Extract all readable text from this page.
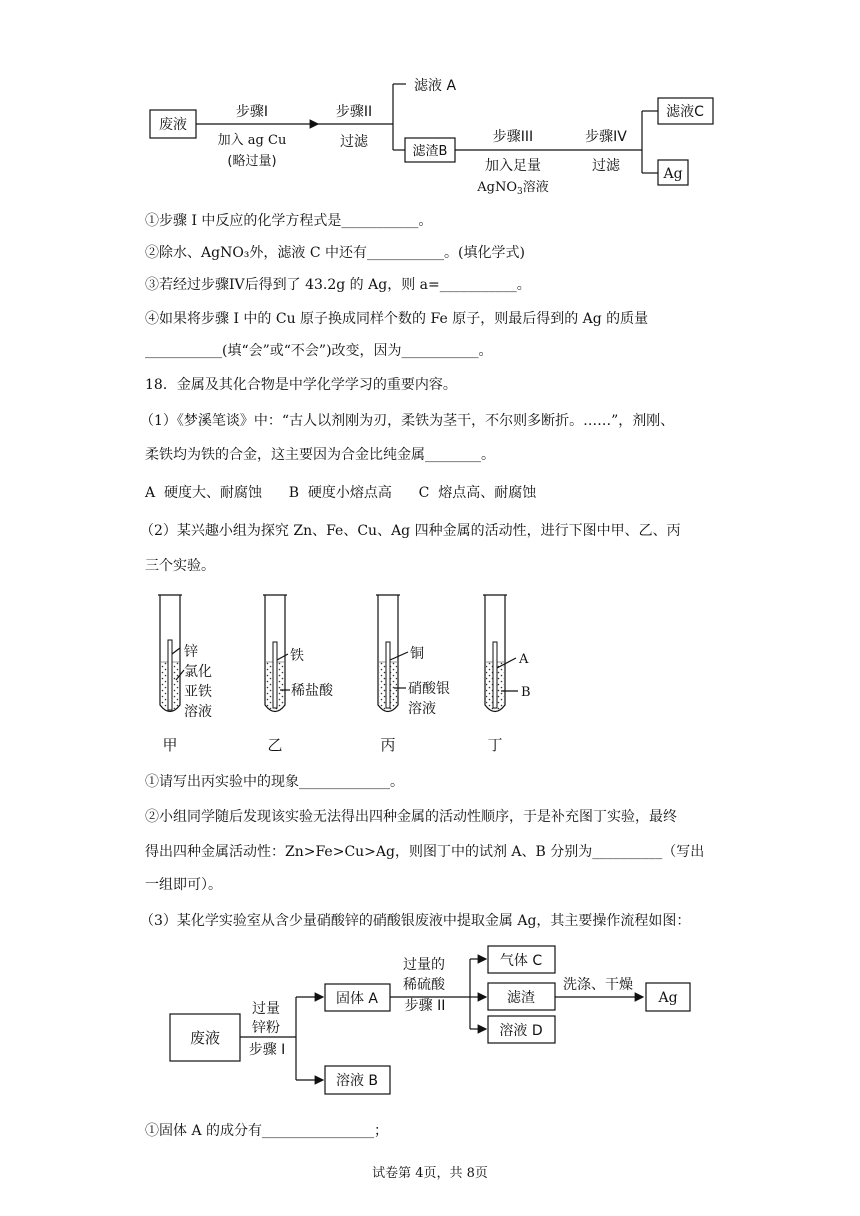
废液
步骤I
加入 ag Cu
(略过量)
步骤II
过滤
滤液 A
滤渣B
步骤III
加入足量
AgNO$_3$溶液
步骤IV
过滤
滤液C
Ag
①步骤 I 中反应的化学方程式是___________。
②除水、AgNO₃外，滤液 C 中还有___________。(填化学式)
③若经过步骤IV后得到了 43.2g 的 Ag，则 a=___________。
④如果将步骤 I 中的 Cu 原子换成同样个数的 Fe 原子，则最后得到的 Ag 的质量
___________(填“会”或“不会”)改变，因为___________。
18．金属及其化合物是中学化学学习的重要内容。
（1）《梦溪笔谈》中：“古人以剂刚为刃，柔铁为茎干，不尔则多断折。……”，剂刚、
柔铁均为铁的合金，这主要因为合金比纯金属________。
A  硬度大、耐腐蚀      B  硬度小熔点高      C  熔点高、耐腐蚀
（2）某兴趣小组为探究 Zn、Fe、Cu、Ag 四种金属的活动性，进行下图中甲、乙、丙
三个实验。
锌
氯化
亚铁
溶液
甲
铁
稀盐酸
乙
铜
硝酸银
溶液
丙
A
B
丁
①请写出丙实验中的现象_____________。
②小组同学随后发现该实验无法得出四种金属的活动性顺序，于是补充图丁实验，最终
得出四种金属活动性：Zn>Fe>Cu>Ag，则图丁中的试剂 A、B 分别为__________（写出
一组即可）。
（3）某化学实验室从含少量硝酸锌的硝酸银废液中提取金属 Ag，其主要操作流程如图：
废液
过量
锌粉
步骤 I
固体 A
溶液 B
过量的
稀硫酸
步骤 II
气体 C
滤渣
溶液 D
洗涤、干燥
Ag
①固体 A 的成分有________________；
试卷第 4页，共 8页
